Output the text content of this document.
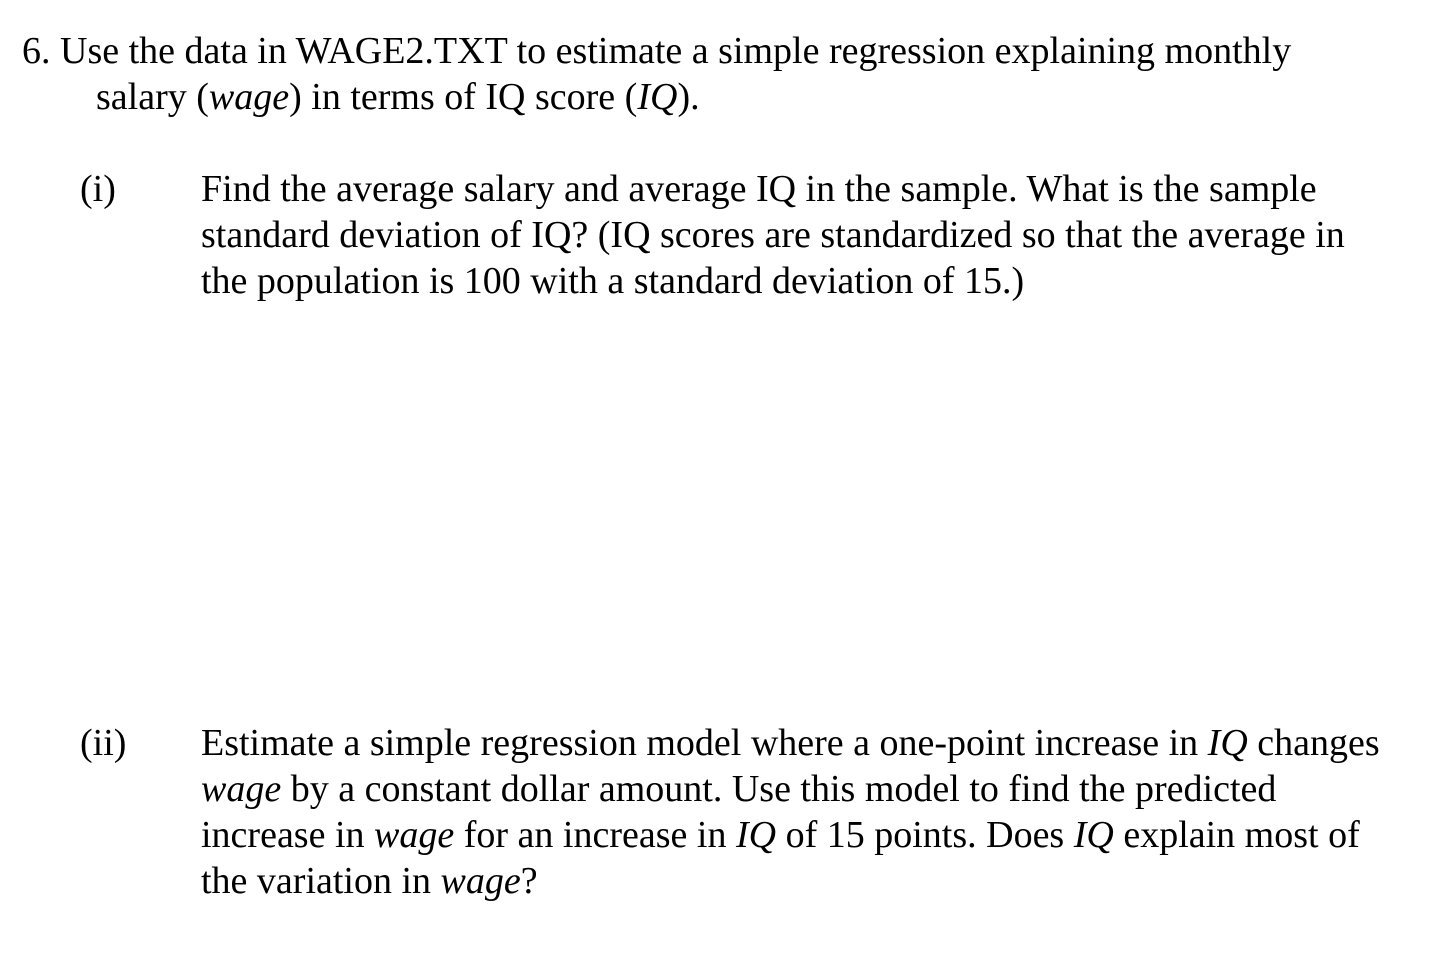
6. Use the data in WAGE2.TXT to estimate a simple regression explaining monthly
salary (wage) in terms of IQ score (IQ).
(i) Find the average salary and average IQ in the sample. What is the sample
standard deviation of IQ? (IQ scores are standardized so that the average in
the population is 100 with a standard deviation of 15.)
(ii) Estimate a simple regression model where a one-point increase in IQ changes
wage by a constant dollar amount. Use this model to find the predicted
increase in wage for an increase in IQ of 15 points. Does IQ explain most of
the variation in wage?
